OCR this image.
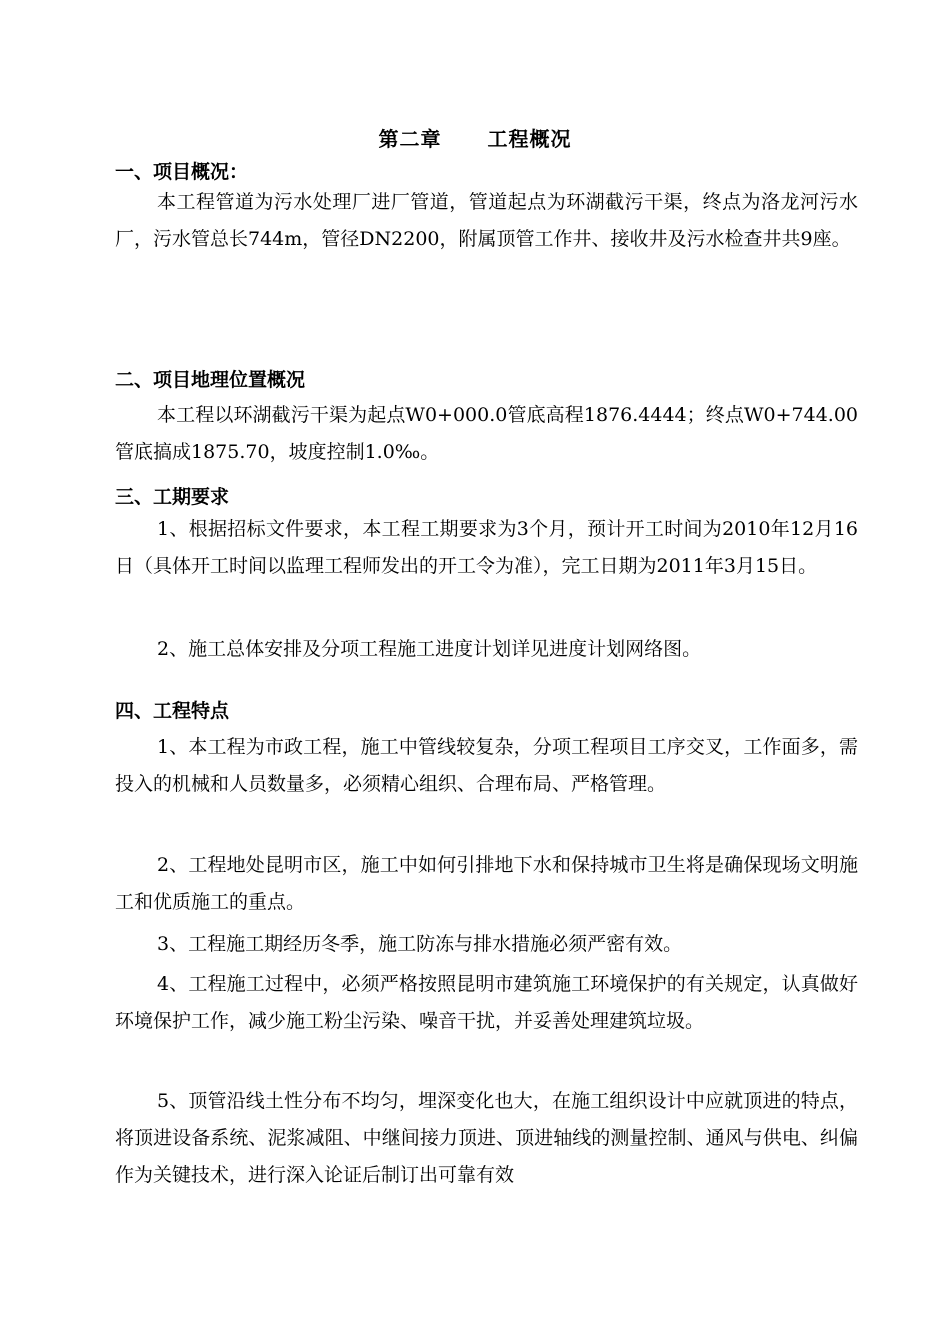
第二章 工程概况
一、项目概况：

本工程管道为污水处理厂进厂管道，管道起点为环湖截污干渠，终点为洛龙河污水厂，污水管总长744m，管径DN2200，附属顶管工作井、接收井及污水检查井共9座。

二、项目地理位置概况

本工程以环湖截污干渠为起点W0+000.0管底高程1876.4444；终点W0+744.00管底搞成1875.70，坡度控制1.0‰。

三、工期要求

1、根据招标文件要求，本工程工期要求为3个月，预计开工时间为2010年12月16日（具体开工时间以监理工程师发出的开工令为准），完工日期为2011年3月15日。

2、施工总体安排及分项工程施工进度计划详见进度计划网络图。

四、工程特点

1、本工程为市政工程，施工中管线较复杂，分项工程项目工序交叉，工作面多，需投入的机械和人员数量多，必须精心组织、合理布局、严格管理。

2、工程地处昆明市区，施工中如何引排地下水和保持城市卫生将是确保现场文明施工和优质施工的重点。

3、工程施工期经历冬季，施工防冻与排水措施必须严密有效。

4、工程施工过程中，必须严格按照昆明市建筑施工环境保护的有关规定，认真做好环境保护工作，减少施工粉尘污染、噪音干扰，并妥善处理建筑垃圾。

5、顶管沿线土性分布不均匀，埋深变化也大，在施工组织设计中应就顶进的特点，将顶进设备系统、泥浆减阻、中继间接力顶进、顶进轴线的测量控制、通风与供电、纠偏作为关键技术，进行深入论证后制订出可靠有效
